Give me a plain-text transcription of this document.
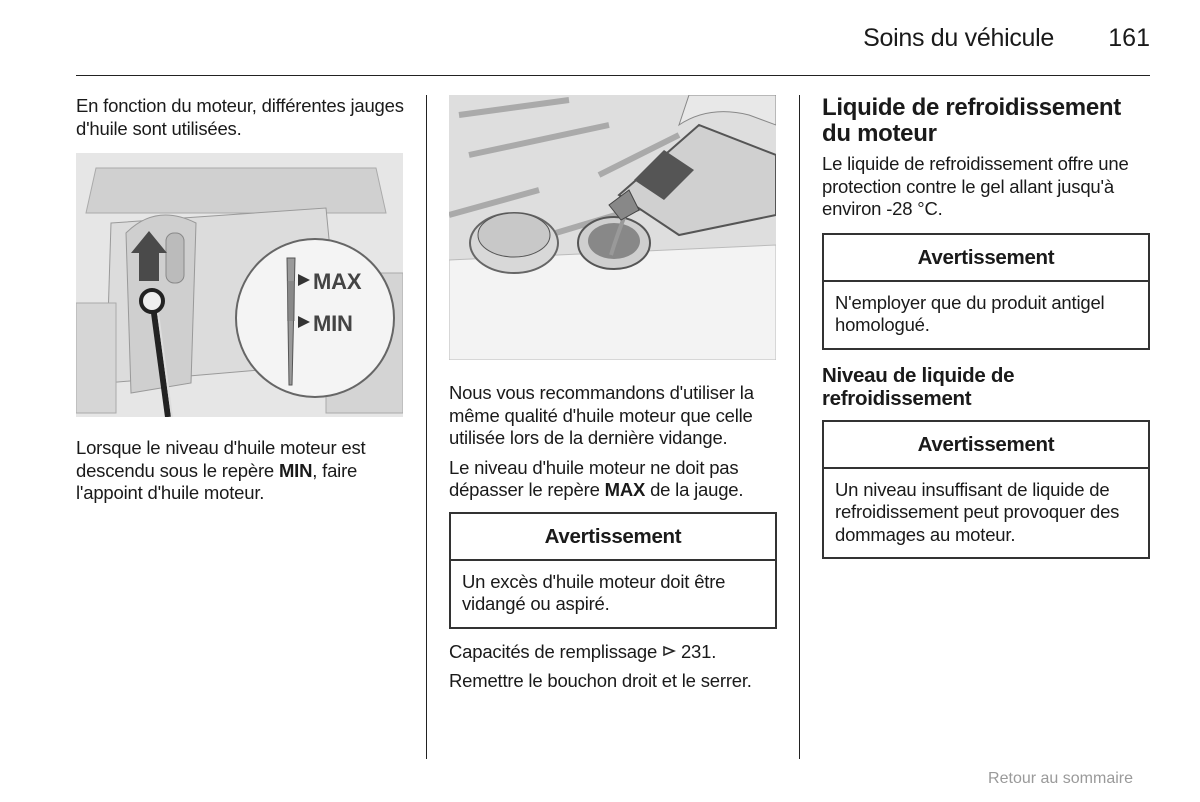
Soins du véhicule 161

En fonction du moteur, différentes jauges d'huile sont utilisées.

MAX
MIN

Lorsque le niveau d'huile moteur est descendu sous le repère MIN, faire l'appoint d'huile moteur.

Nous vous recommandons d'utiliser la même qualité d'huile moteur que celle utilisée lors de la dernière vidange.

Le niveau d'huile moteur ne doit pas dépasser le repère MAX de la jauge.

Avertissement
Un excès d'huile moteur doit être vidangé ou aspiré.

Capacités de remplissage  231.

Remettre le bouchon droit et le serrer.

Liquide de refroidissement du moteur

Le liquide de refroidissement offre une protection contre le gel allant jusqu'à environ -28 °C.

Avertissement
N'employer que du produit antigel homologué.
Niveau de liquide de refroidissement
Avertissement
Un niveau insuffisant de liquide de refroidissement peut provoquer des dommages au moteur.
Retour au sommaire
